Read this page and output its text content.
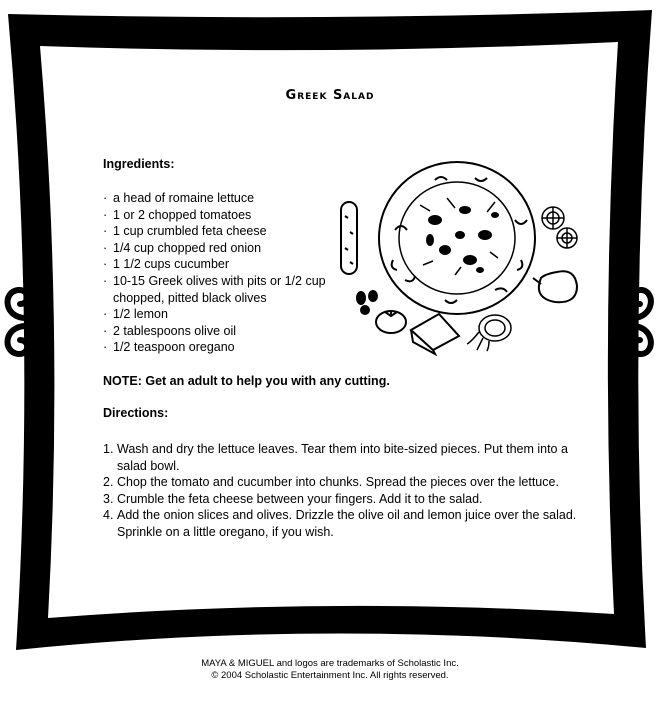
Greek Salad
Ingredients:
· a head of romaine lettuce
· 1 or 2 chopped tomatoes
· 1 cup crumbled feta cheese
· 1/4 cup chopped red onion
· 1 1/2 cups cucumber
· 10-15 Greek olives with pits or 1/2 cup chopped, pitted black olives
· 1/2 lemon
· 2 tablespoons olive oil
· 1/2 teaspoon oregano
NOTE: Get an adult to help you with any cutting.
Directions:
1. Wash and dry the lettuce leaves. Tear them into bite-sized pieces. Put them into a salad bowl.
2. Chop the tomato and cucumber into chunks. Spread the pieces over the lettuce.
3. Crumble the feta cheese between your fingers. Add it to the salad.
4. Add the onion slices and olives. Drizzle the olive oil and lemon juice over the salad. Sprinkle on a little oregano, if you wish.
MAYA & MIGUEL and logos are trademarks of Scholastic Inc.
© 2004 Scholastic Entertainment Inc. All rights reserved.
